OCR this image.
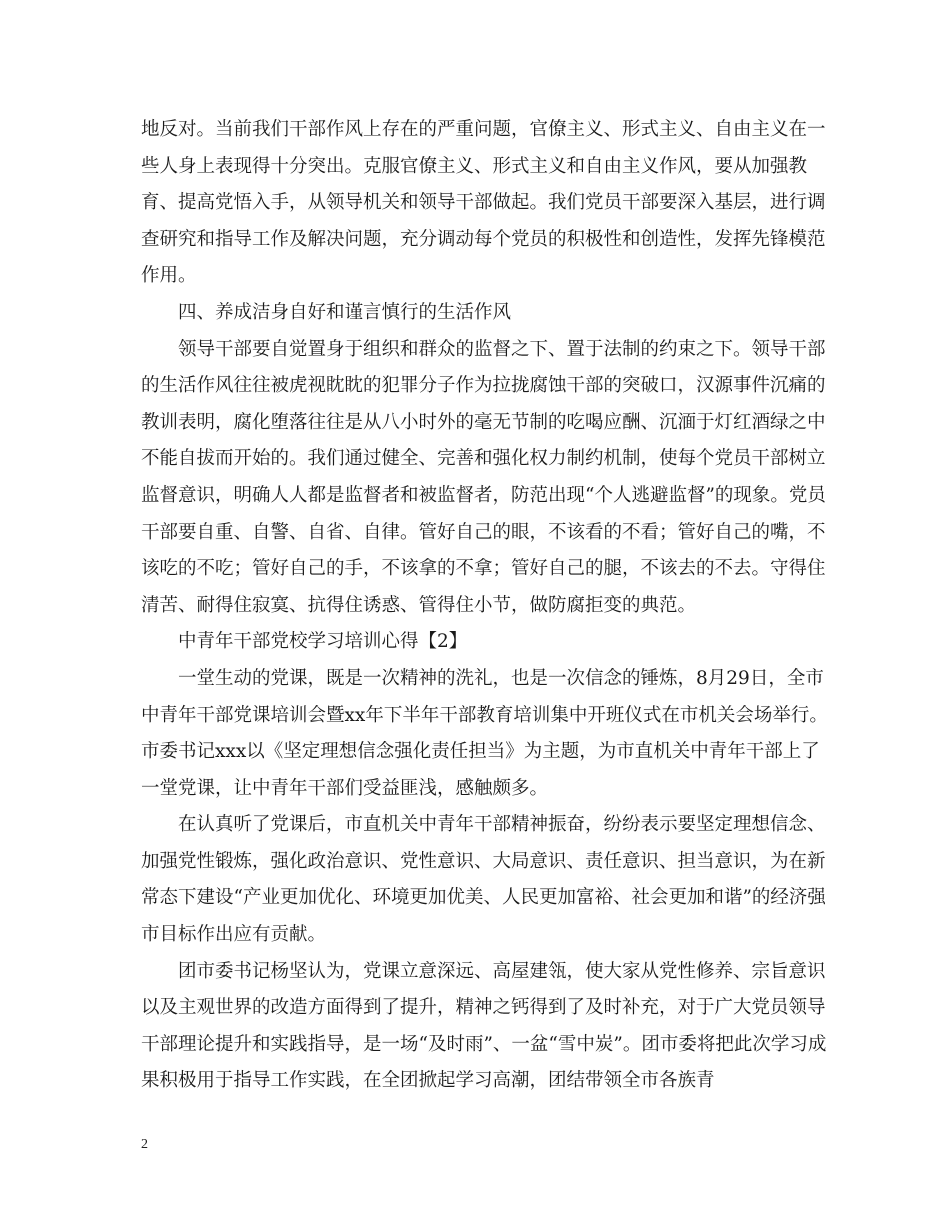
地反对。当前我们干部作风上存在的严重问题，官僚主义、形式主义、自由主义在一些人身上表现得十分突出。克服官僚主义、形式主义和自由主义作风，要从加强教育、提高党悟入手，从领导机关和领导干部做起。我们党员干部要深入基层，进行调查研究和指导工作及解决问题，充分调动每个党员的积极性和创造性，发挥先锋模范作用。

四、养成洁身自好和谨言慎行的生活作风

领导干部要自觉置身于组织和群众的监督之下、置于法制的约束之下。领导干部的生活作风往往被虎视眈眈的犯罪分子作为拉拢腐蚀干部的突破口，汉源事件沉痛的教训表明，腐化堕落往往是从八小时外的毫无节制的吃喝应酬、沉湎于灯红酒绿之中不能自拔而开始的。我们通过健全、完善和强化权力制约机制，使每个党员干部树立监督意识，明确人人都是监督者和被监督者，防范出现“个人逃避监督”的现象。党员干部要自重、自警、自省、自律。管好自己的眼，不该看的不看；管好自己的嘴，不该吃的不吃；管好自己的手，不该拿的不拿；管好自己的腿，不该去的不去。守得住清苦、耐得住寂寞、抗得住诱惑、管得住小节，做防腐拒变的典范。

中青年干部党校学习培训心得【2】

一堂生动的党课，既是一次精神的洗礼，也是一次信念的锤炼，8月29日，全市中青年干部党课培训会暨xx年下半年干部教育培训集中开班仪式在市机关会场举行。市委书记xxx以《坚定理想信念强化责任担当》为主题，为市直机关中青年干部上了一堂党课，让中青年干部们受益匪浅，感触颇多。

在认真听了党课后，市直机关中青年干部精神振奋，纷纷表示要坚定理想信念、加强党性锻炼，强化政治意识、党性意识、大局意识、责任意识、担当意识，为在新常态下建设“产业更加优化、环境更加优美、人民更加富裕、社会更加和谐”的经济强市目标作出应有贡献。

团市委书记杨坚认为，党课立意深远、高屋建瓴，使大家从党性修养、宗旨意识以及主观世界的改造方面得到了提升，精神之钙得到了及时补充，对于广大党员领导干部理论提升和实践指导，是一场“及时雨”、一盆“雪中炭”。团市委将把此次学习成果积极用于指导工作实践，在全团掀起学习高潮，团结带领全市各族青

2
